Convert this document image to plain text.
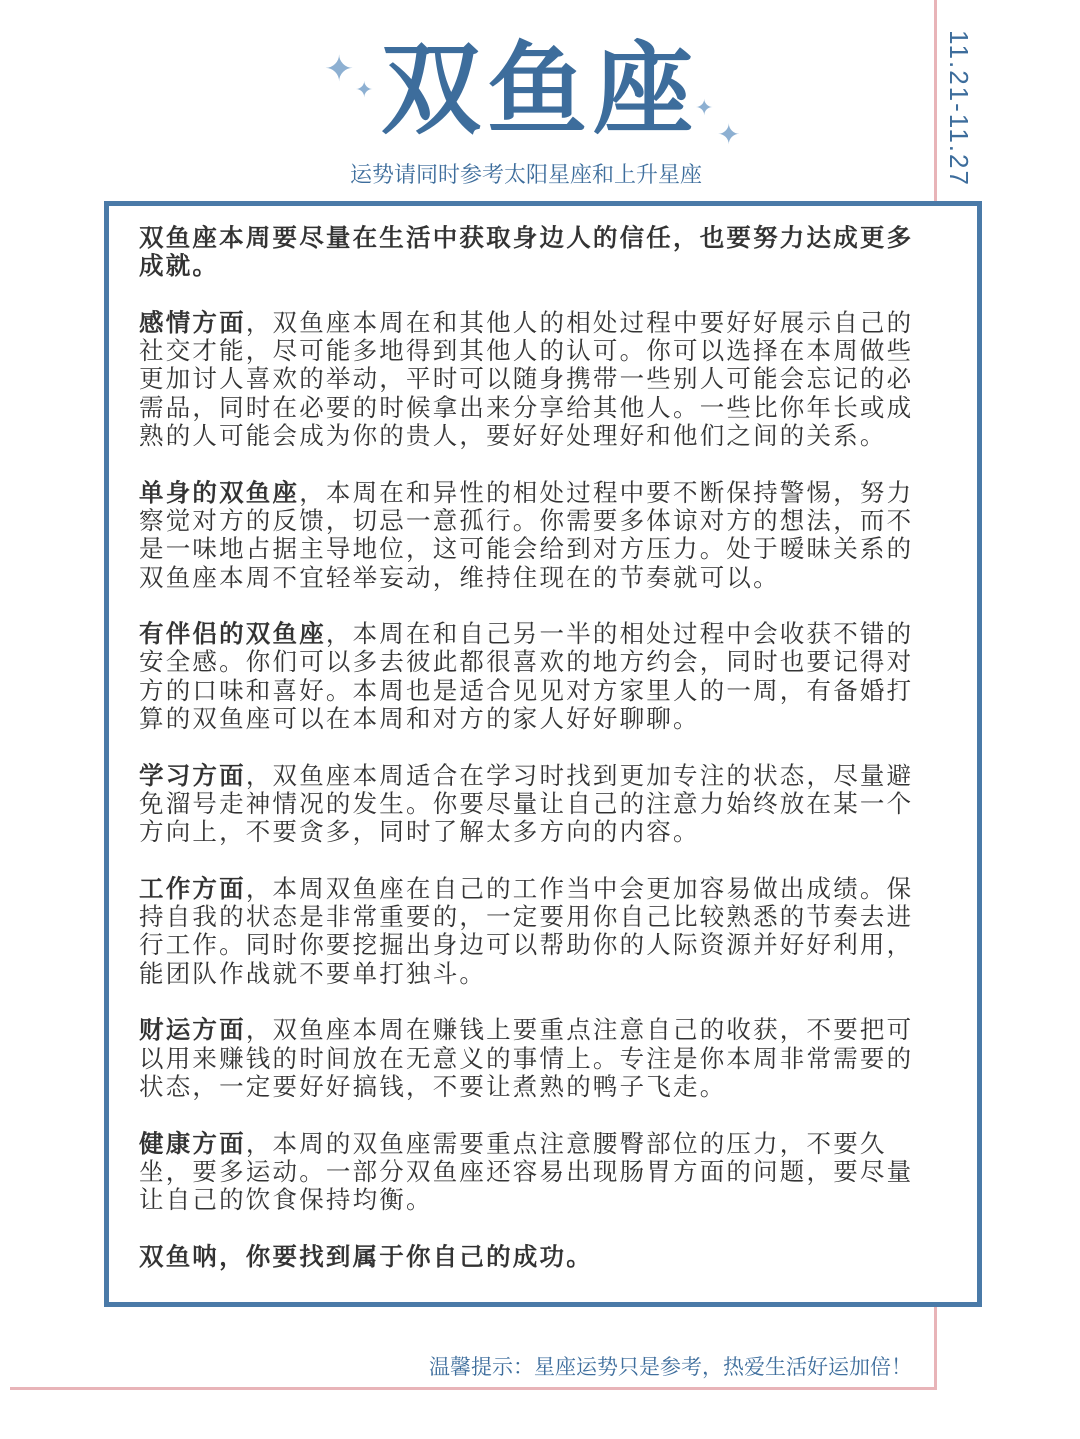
✦
✦
✦
✦
双鱼座
运势请同时参考太阳星座和上升星座	11.21-11.27

双鱼座本周要尽量在生活中获取身边人的信任，也要努力达成更多成就。

感情方面，双鱼座本周在和其他人的相处过程中要好好展示自己的社交才能，尽可能多地得到其他人的认可。你可以选择在本周做些更加讨人喜欢的举动，平时可以随身携带一些别人可能会忘记的必需品，同时在必要的时候拿出来分享给其他人。一些比你年长或成熟的人可能会成为你的贵人，要好好处理好和他们之间的关系。

单身的双鱼座，本周在和异性的相处过程中要不断保持警惕，努力察觉对方的反馈，切忌一意孤行。你需要多体谅对方的想法，而不是一味地占据主导地位，这可能会给到对方压力。处于暧昧关系的双鱼座本周不宜轻举妄动，维持住现在的节奏就可以。

有伴侣的双鱼座，本周在和自己另一半的相处过程中会收获不错的安全感。你们可以多去彼此都很喜欢的地方约会，同时也要记得对方的口味和喜好。本周也是适合见见对方家里人的一周，有备婚打算的双鱼座可以在本周和对方的家人好好聊聊。

学习方面，双鱼座本周适合在学习时找到更加专注的状态，尽量避免溜号走神情况的发生。你要尽量让自己的注意力始终放在某一个方向上，不要贪多，同时了解太多方向的内容。

工作方面，本周双鱼座在自己的工作当中会更加容易做出成绩。保持自我的状态是非常重要的，一定要用你自己比较熟悉的节奏去进行工作。同时你要挖掘出身边可以帮助你的人际资源并好好利用，能团队作战就不要单打独斗。

财运方面，双鱼座本周在赚钱上要重点注意自己的收获，不要把可以用来赚钱的时间放在无意义的事情上。专注是你本周非常需要的状态，一定要好好搞钱，不要让煮熟的鸭子飞走。

健康方面，本周的双鱼座需要重点注意腰臀部位的压力，不要久坐，要多运动。一部分双鱼座还容易出现肠胃方面的问题，要尽量让自己的饮食保持均衡。

双鱼呐，你要找到属于你自己的成功。

温馨提示：星座运势只是参考，热爱生活好运加倍！
